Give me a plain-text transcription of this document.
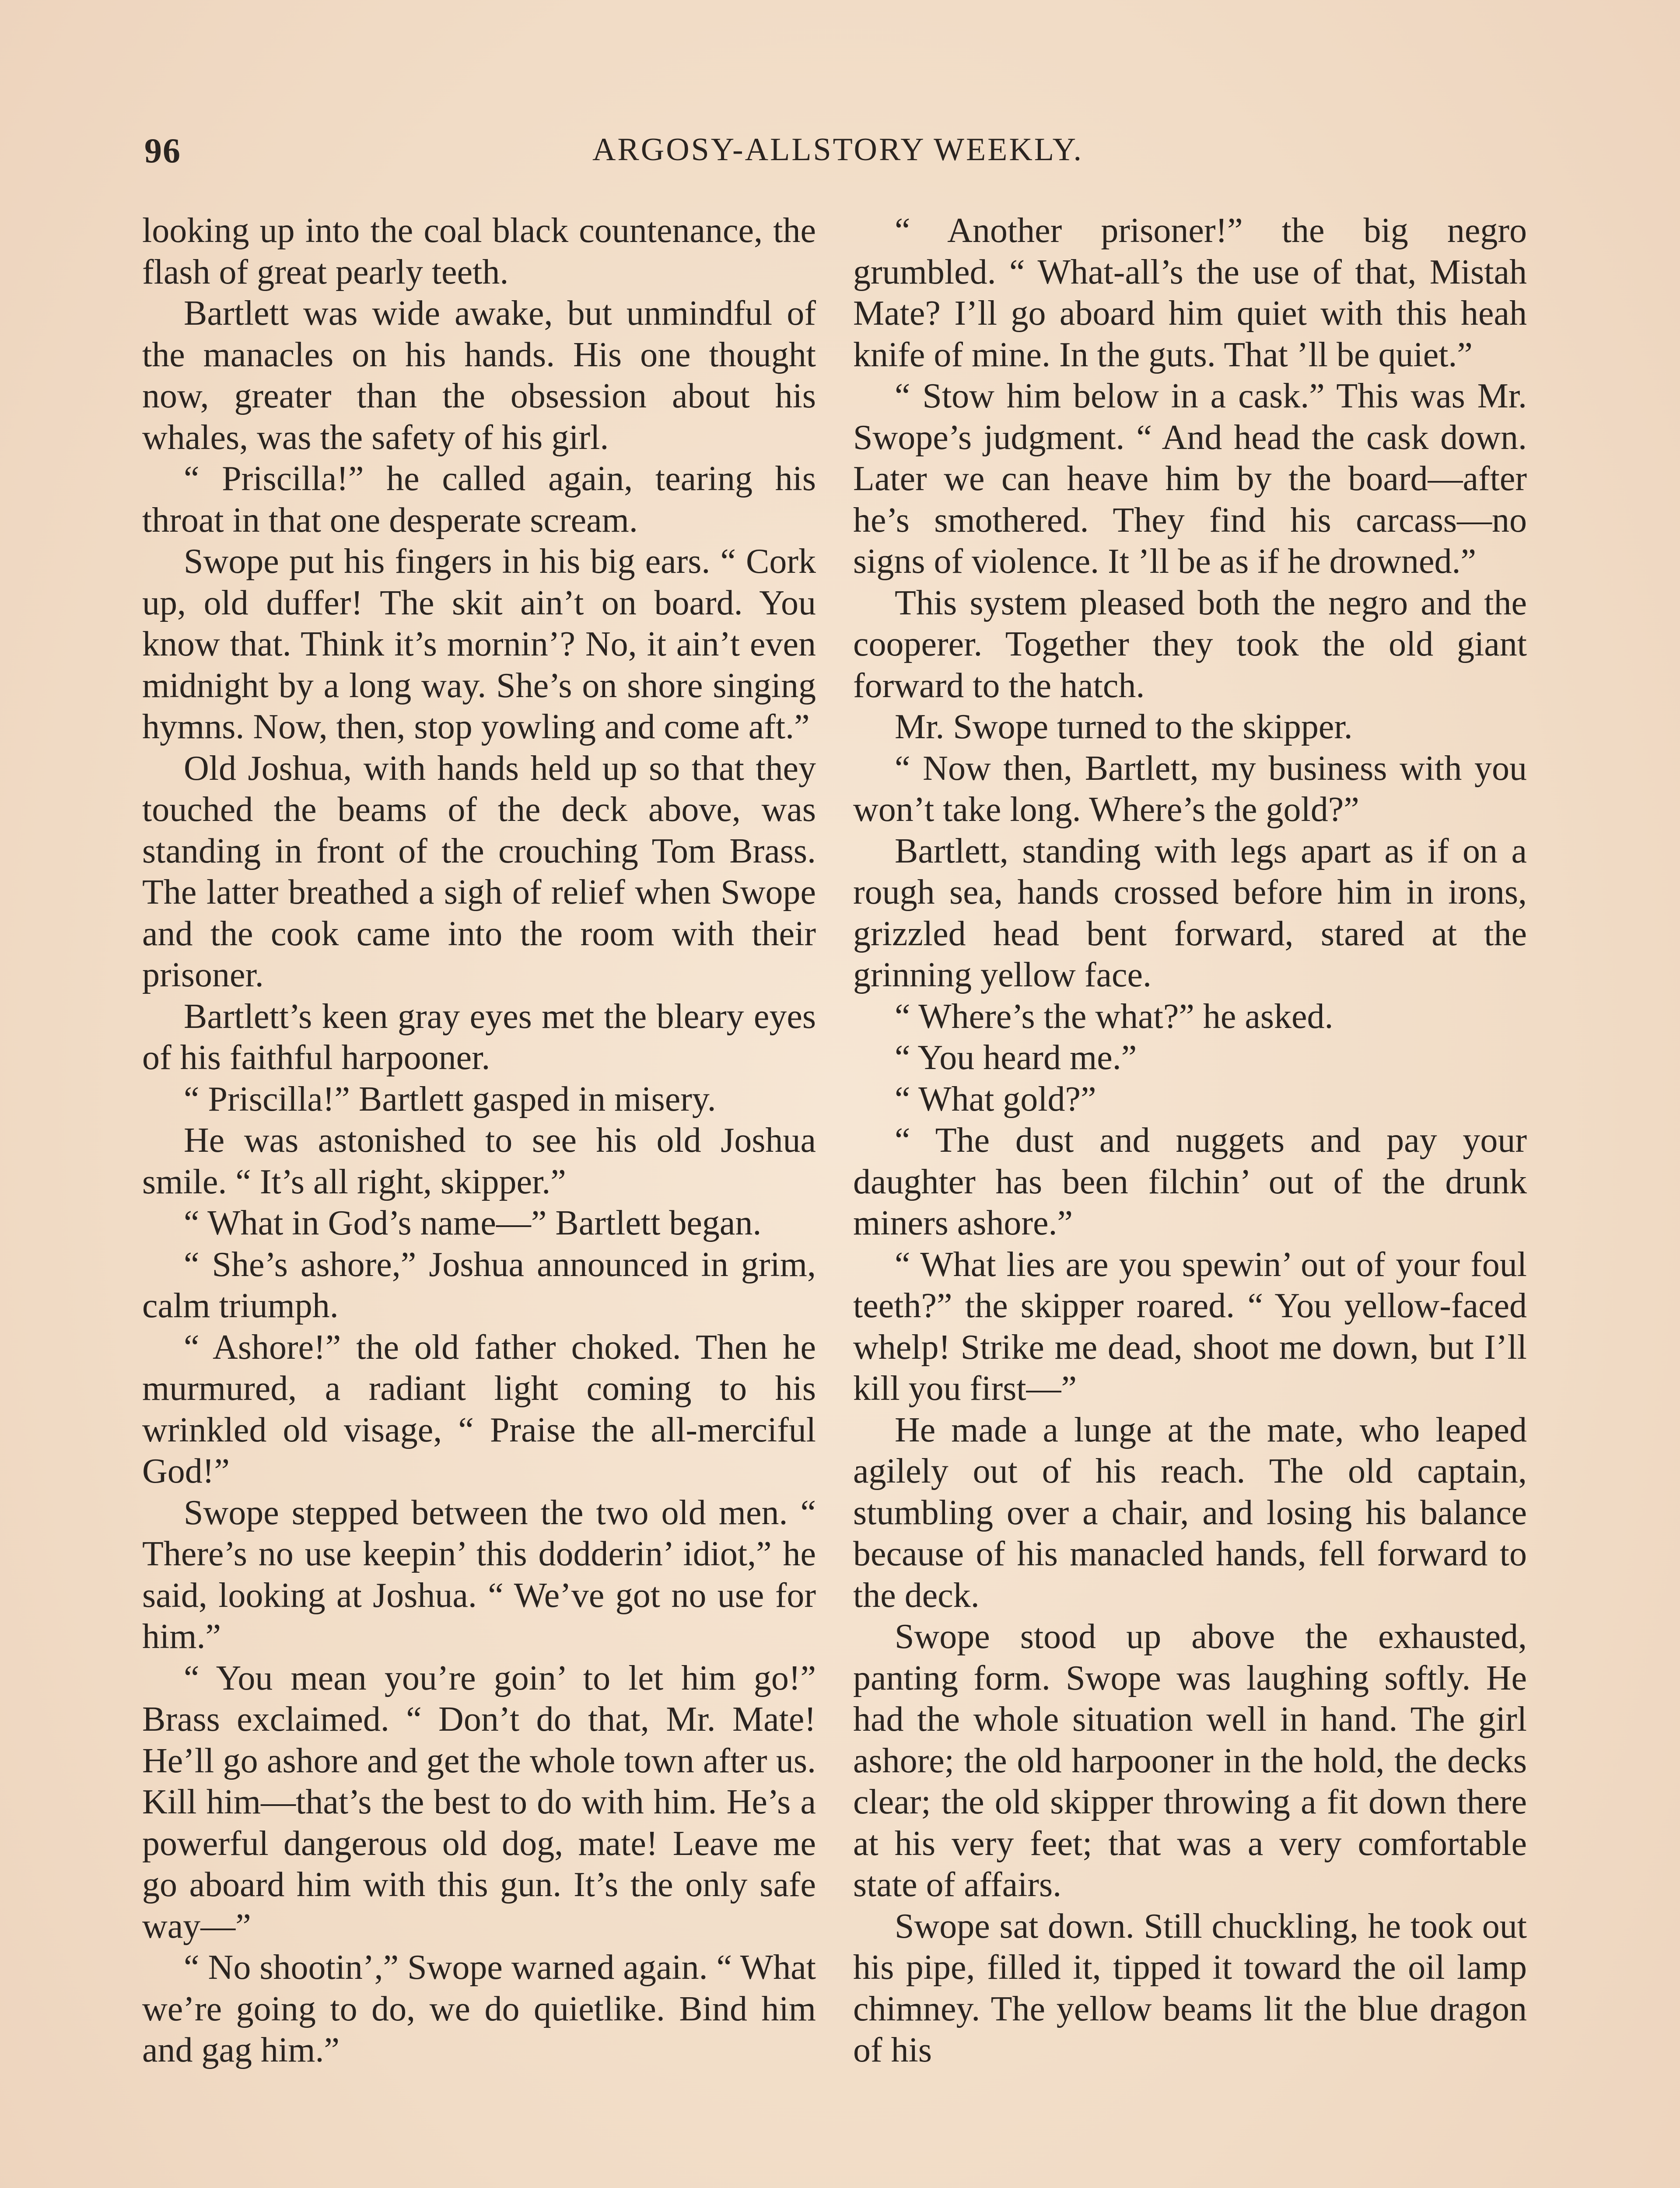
96	ARGOSY-ALLSTORY WEEKLY.

looking up into the coal black countenance, the flash of great pearly teeth.

Bartlett was wide awake, but unmindful of the manacles on his hands. His one thought now, greater than the obsession about his whales, was the safety of his girl.

“ Priscilla!” he called again, tearing his throat in that one desperate scream.

Swope put his fingers in his big ears. “ Cork up, old duffer! The skit ain’t on board. You know that. Think it’s mornin’? No, it ain’t even midnight by a long way. She’s on shore singing hymns. Now, then, stop yowling and come aft.”

Old Joshua, with hands held up so that they touched the beams of the deck above, was standing in front of the crouching Tom Brass. The latter breathed a sigh of relief when Swope and the cook came into the room with their prisoner.

Bartlett’s keen gray eyes met the bleary eyes of his faithful harpooner.

“ Priscilla!” Bartlett gasped in misery.

He was astonished to see his old Joshua smile. “ It’s all right, skipper.”

“ What in God’s name—” Bartlett began.

“ She’s ashore,” Joshua announced in grim, calm triumph.

“ Ashore!” the old father choked. Then he murmured, a radiant light coming to his wrinkled old visage, “ Praise the all-merciful God!”

Swope stepped between the two old men. “ There’s no use keepin’ this dodderin’ idiot,” he said, looking at Joshua. “ We’ve got no use for him.”

“ You mean you’re goin’ to let him go!” Brass exclaimed. “ Don’t do that, Mr. Mate! He’ll go ashore and get the whole town after us. Kill him—that’s the best to do with him. He’s a powerful dangerous old dog, mate! Leave me go aboard him with this gun. It’s the only safe way—”

“ No shootin’,” Swope warned again. “ What we’re going to do, we do quietlike. Bind him and gag him.”

“ Another prisoner!” the big negro grumbled. “ What-all’s the use of that, Mistah Mate? I’ll go aboard him quiet with this heah knife of mine. In the guts. That ’ll be quiet.”

“ Stow him below in a cask.” This was Mr. Swope’s judgment. “ And head the cask down. Later we can heave him by the board—after he’s smothered. They find his carcass—no signs of violence. It ’ll be as if he drowned.”

This system pleased both the negro and the cooperer. Together they took the old giant forward to the hatch.

Mr. Swope turned to the skipper.

“ Now then, Bartlett, my business with you won’t take long. Where’s the gold?”

Bartlett, standing with legs apart as if on a rough sea, hands crossed before him in irons, grizzled head bent forward, stared at the grinning yellow face.

“ Where’s the what?” he asked.

“ You heard me.”

“ What gold?”

“ The dust and nuggets and pay your daughter has been filchin’ out of the drunk miners ashore.”

“ What lies are you spewin’ out of your foul teeth?” the skipper roared. “ You yellow-faced whelp! Strike me dead, shoot me down, but I’ll kill you first—”

He made a lunge at the mate, who leaped agilely out of his reach. The old captain, stumbling over a chair, and losing his balance because of his manacled hands, fell forward to the deck.

Swope stood up above the exhausted, panting form. Swope was laughing softly. He had the whole situation well in hand. The girl ashore; the old harpooner in the hold, the decks clear; the old skipper throwing a fit down there at his very feet; that was a very comfortable state of affairs.

Swope sat down. Still chuckling, he took out his pipe, filled it, tipped it toward the oil lamp chimney. The yellow beams lit the blue dragon of his
